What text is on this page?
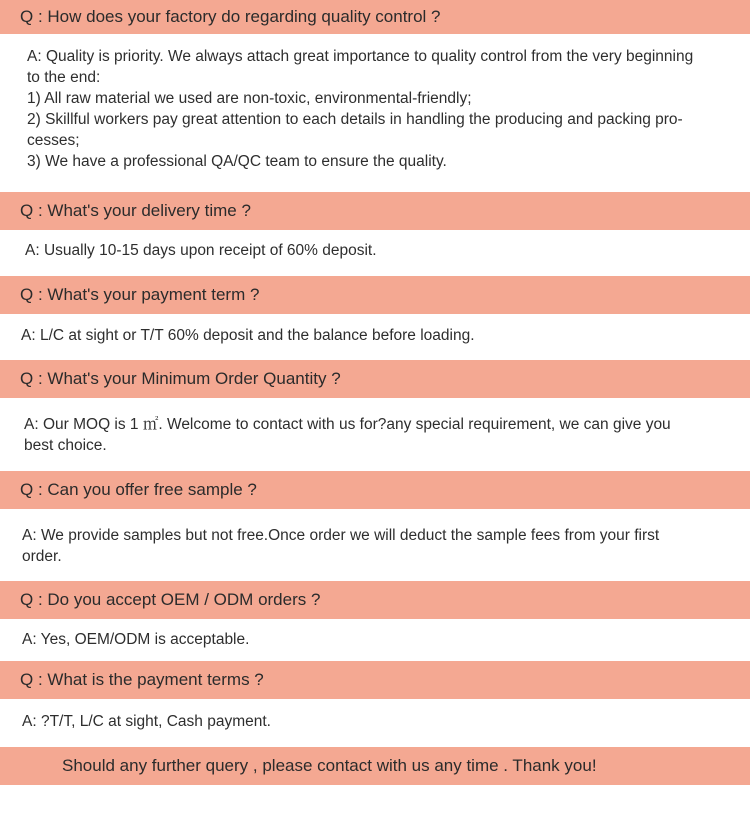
Q : How does your factory do regarding quality control ?
A: Quality is priority. We always attach great importance to quality control from the very beginning
to the end:
1) All raw material we used are non-toxic, environmental-friendly;
2) Skillful workers pay great attention to each details in handling the producing and packing pro-
cesses;
3) We have a professional QA/QC team to ensure the quality.
Q : What's your delivery time ?
A: Usually 10-15 days upon receipt of 60% deposit.
Q : What's your payment term ?
A: L/C at sight or T/T 60% deposit and the balance before loading.
Q : What's your Minimum Order Quantity ?
A: Our MOQ is 1 ㎡. Welcome to contact with us for?any special requirement, we can give you
best choice.
Q : Can you offer free sample ?
A: We provide samples but not free.Once order we will deduct the sample fees from your first
order.
Q : Do you accept OEM / ODM orders ?
A: Yes, OEM/ODM is acceptable.
Q : What is the payment terms ?
A: ?T/T, L/C at sight, Cash payment.
Should any further query , please contact with us any time . Thank you!
